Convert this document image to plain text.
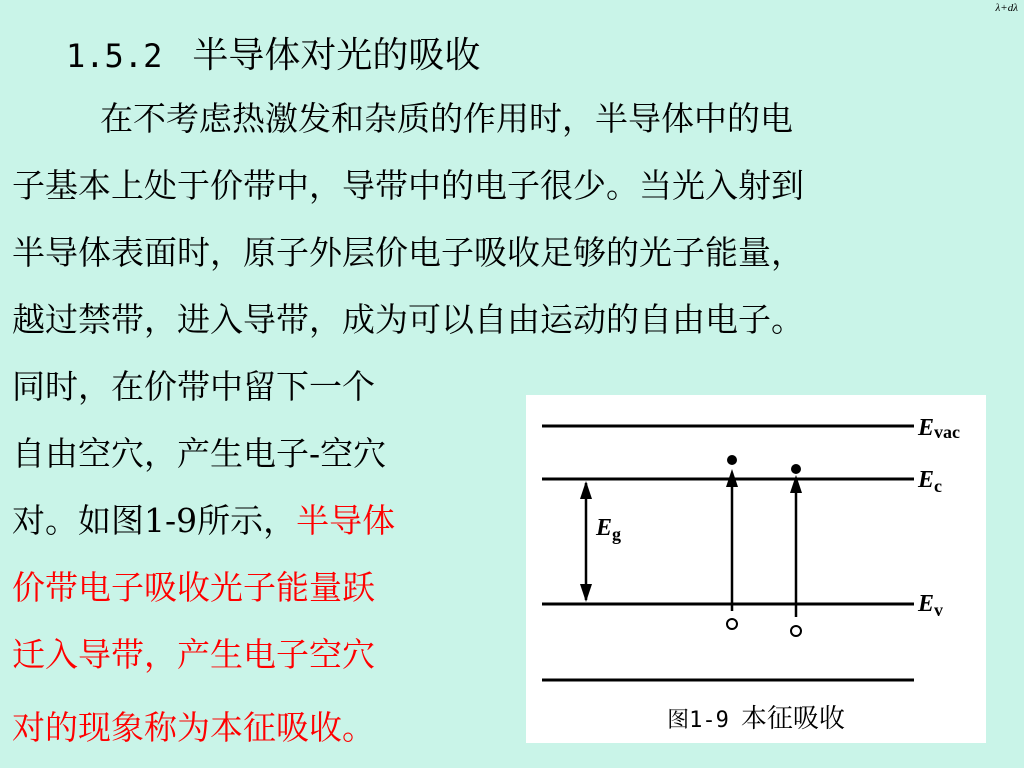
λ+dλ
1.5.2 半导体对光的吸收

在不考虑热激发和杂质的作用时，半导体中的电

子基本上处于价带中，导带中的电子很少。当光入射到

半导体表面时，原子外层价电子吸收足够的光子能量，

越过禁带，进入导带，成为可以自由运动的自由电子。

同时，在价带中留下一个

自由空穴，产生电子-空穴

对。如图1-9所示，半导体

价带电子吸收光子能量跃

迁入导带，产生电子空穴

对的现象称为本征吸收。

Evac
$E_c$
$E_v$
$E_g$
图1-9 本征吸收
